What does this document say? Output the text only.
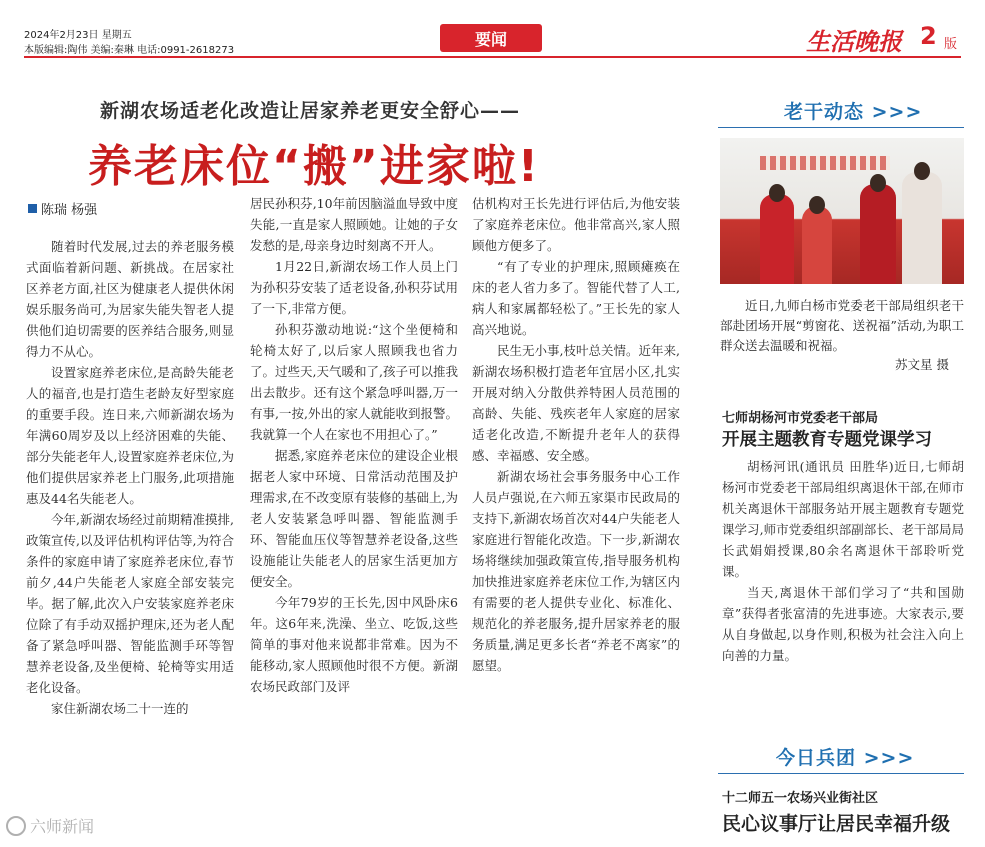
2024年2月23日 星期五
本版编辑:陶伟 美编:秦琳 电话:0991-2618273
要闻	生活晚报 2 版
新湖农场适老化改造让居家养老更安全舒心——
养老床位“搬”进家啦!
陈瑞 杨强

随着时代发展,过去的养老服务模式面临着新问题、新挑战。在居家社区养老方面,社区为健康老人提供休闲娱乐服务尚可,为居家失能失智老人提供他们迫切需要的医养结合服务,则显得力不从心。

设置家庭养老床位,是高龄失能老人的福音,也是打造生老龄友好型家庭的重要手段。连日来,六师新湖农场为年满60周岁及以上经济困难的失能、部分失能老年人,设置家庭养老床位,为他们提供居家养老上门服务,此项措施惠及44名失能老人。

今年,新湖农场经过前期精准摸排,政策宣传,以及评估机构评估等,为符合条件的家庭申请了家庭养老床位,春节前夕,44户失能老人家庭全部安装完毕。据了解,此次入户安装家庭养老床位除了有手动双摇护理床,还为老人配备了紧急呼叫器、智能监测手环等智慧养老设备,及坐便椅、轮椅等实用适老化设备。

家住新湖农场二十一连的

居民孙积芬,10年前因脑溢血导致中度失能,一直是家人照顾她。让她的子女发愁的是,母亲身边时刻离不开人。

1月22日,新湖农场工作人员上门为孙积芬安装了适老设备,孙积芬试用了一下,非常方便。

孙积芬激动地说:“这个坐便椅和轮椅太好了,以后家人照顾我也省力了。过些天,天气暖和了,孩子可以推我出去散步。还有这个紧急呼叫器,万一有事,一按,外出的家人就能收到报警。我就算一个人在家也不用担心了。”

据悉,家庭养老床位的建设企业根据老人家中环境、日常活动范围及护理需求,在不改变原有装修的基础上,为老人安装紧急呼叫器、智能监测手环、智能血压仪等智慧养老设备,这些设施能让失能老人的居家生活更加方便安全。

今年79岁的王长先,因中风卧床6年。这6年来,洗澡、坐立、吃饭,这些简单的事对他来说都非常难。因为不能移动,家人照顾他时很不方便。新湖农场民政部门及评

估机构对王长先进行评估后,为他安装了家庭养老床位。他非常高兴,家人照顾他方便多了。

“有了专业的护理床,照顾瘫痪在床的老人省力多了。智能代替了人工,病人和家属都轻松了。”王长先的家人高兴地说。

民生无小事,枝叶总关情。近年来,新湖农场积极打造老年宜居小区,扎实开展对纳入分散供养特困人员范围的高龄、失能、残疾老年人家庭的居家适老化改造,不断提升老年人的获得感、幸福感、安全感。

新湖农场社会事务服务中心工作人员卢强说,在六师五家渠市民政局的支持下,新湖农场首次对44户失能老人家庭进行智能化改造。下一步,新湖农场将继续加强政策宣传,指导服务机构加快推进家庭养老床位工作,为辖区内有需要的老人提供专业化、标准化、规范化的养老服务,提升居家养老的服务质量,满足更多长者“养老不离家”的愿望。

老干动态 >>>
近日,九师白杨市党委老干部局组织老干部赴团场开展“剪窗花、送祝福”活动,为职工群众送去温暖和祝福。
苏文星 摄
七师胡杨河市党委老干部局
开展主题教育专题党课学习

胡杨河讯(通讯员 田胜华)近日,七师胡杨河市党委老干部局组织离退休干部,在师市机关离退休干部服务站开展主题教育专题党课学习,师市党委组织部副部长、老干部局局长武娟娟授课,80余名离退休干部聆听党课。

当天,离退休干部们学习了“共和国勋章”获得者张富清的先进事迹。大家表示,要从自身做起,以身作则,积极为社会注入向上向善的力量。

今日兵团 >>>
十二师五一农场兴业街社区
民心议事厅让居民幸福升级
六师新闻
